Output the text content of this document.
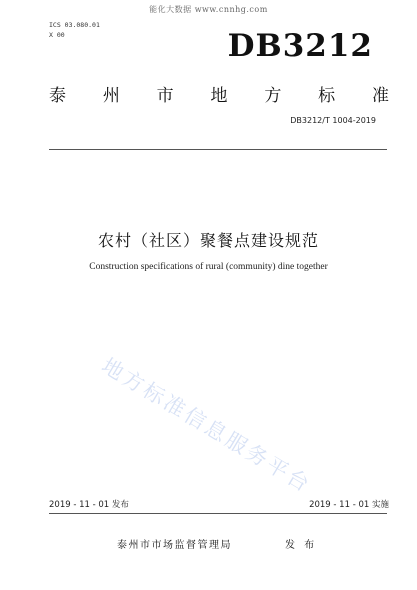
能化大数据 www.cnnhg.com
ICS 03.080.01
X 00	DB3212
泰 州 市 地 方 标 准
DB3212/T 1004-2019
农村（社区）聚餐点建设规范
Construction specifications of rural (community) dine together
地方标准信息服务平台
2019 - 11 - 01 发布	2019 - 11 - 01 实施
泰州市市场监督管理局	发 布
